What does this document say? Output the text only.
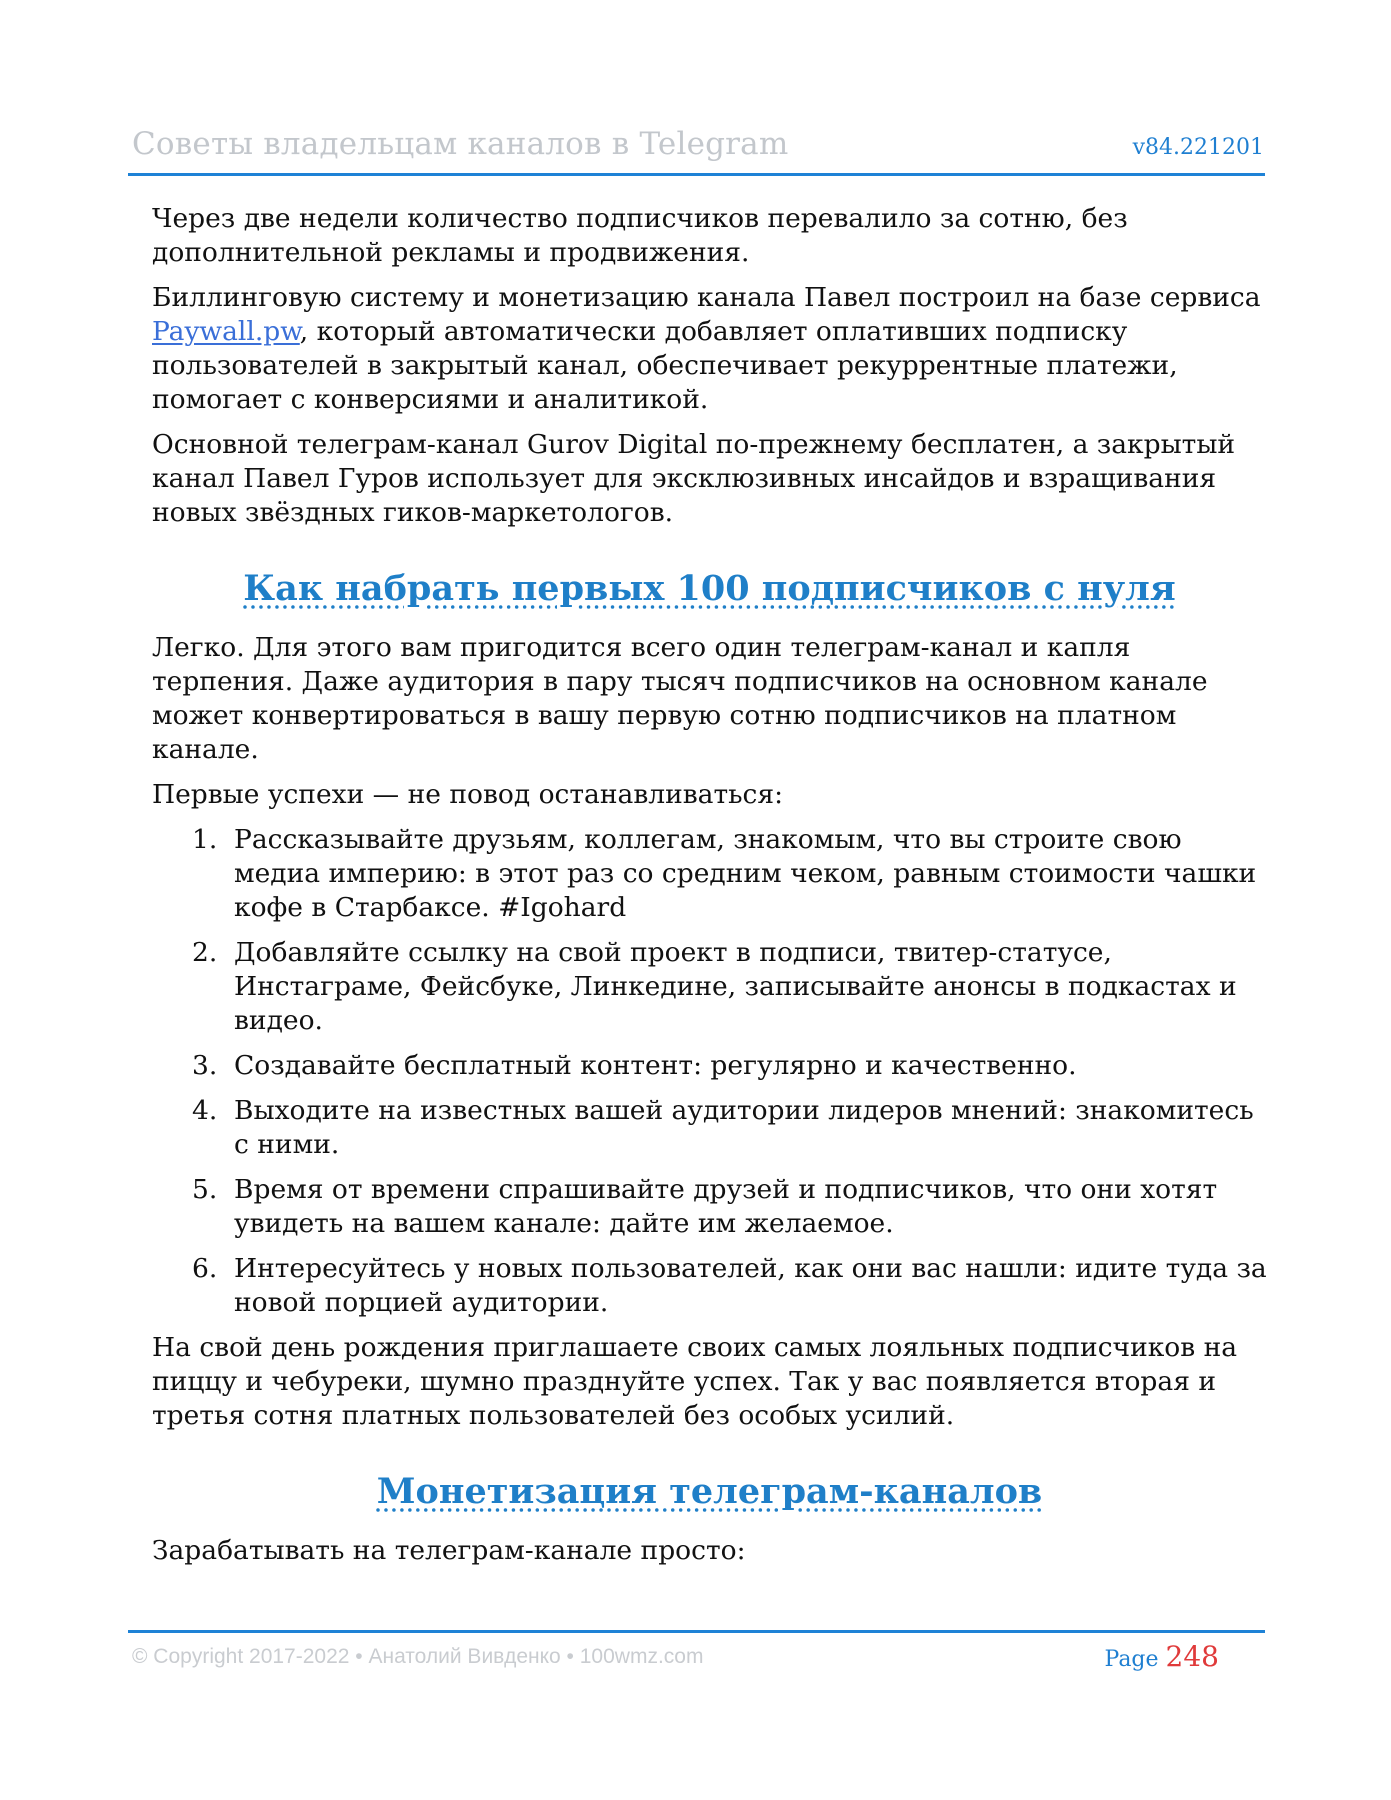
Советы владельцам каналов в Telegram	v84.221201

Через две недели количество подписчиков перевалило за сотню, без дополнительной рекламы и продвижения.

Биллинговую систему и монетизацию канала Павел построил на базе сервиса Paywall.pw, который автоматически добавляет оплативших подписку пользователей в закрытый канал, обеспечивает рекуррентные платежи, помогает с конверсиями и аналитикой.

Основной телеграм-канал Gurov Digital по-прежнему бесплатен, а закрытый канал Павел Гуров использует для эксклюзивных инсайдов и взращивания новых звёздных гиков-маркетологов.

Как набрать первых 100 подписчиков с нуля

Легко. Для этого вам пригодится всего один телеграм-канал и капля терпения. Даже аудитория в пару тысяч подписчиков на основном канале может конвертироваться в вашу первую сотню подписчиков на платном канале.

Первые успехи — не повод останавливаться:

1. Рассказывайте друзьям, коллегам, знакомым, что вы строите свою медиа империю: в этот раз со средним чеком, равным стоимости чашки кофе в Старбаксе. #Igohard
2. Добавляйте ссылку на свой проект в подписи, твитер-статусе, Инстаграме, Фейсбуке, Линкедине, записывайте анонсы в подкастах и видео.
3. Создавайте бесплатный контент: регулярно и качественно.
4. Выходите на известных вашей аудитории лидеров мнений: знакомитесь с ними.
5. Время от времени спрашивайте друзей и подписчиков, что они хотят увидеть на вашем канале: дайте им желаемое.
6. Интересуйтесь у новых пользователей, как они вас нашли: идите туда за новой порцией аудитории.

На свой день рождения приглашаете своих самых лояльных подписчиков на пиццу и чебуреки, шумно празднуйте успех. Так у вас появляется вторая и третья сотня платных пользователей без особых усилий.

Монетизация телеграм-каналов

Зарабатывать на телеграм-канале просто:

© Copyright 2017-2022 • Анатолий Вивденко • 100wmz.com	Page 248
